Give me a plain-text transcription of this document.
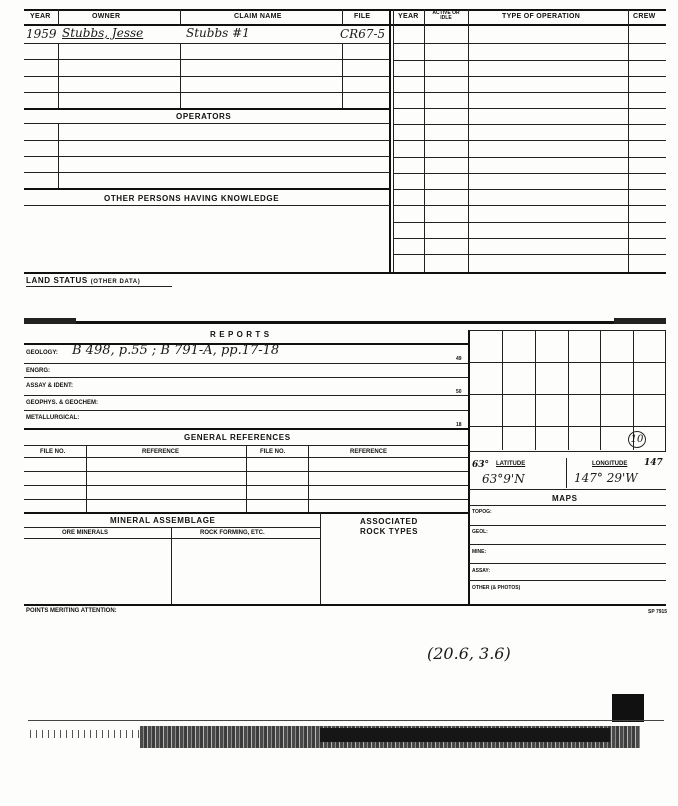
YEAR	OWNER	CLAIM NAME	FILE	YEAR	ACTIVE OR IDLE	TYPE OF OPERATION	CREW
1959 Stubbs, Jesse	Stubbs #1	CR67-5
OPERATORS
OTHER PERSONS HAVING KNOWLEDGE
LAND STATUS (OTHER DATA)
R E P O R T S
GEOLOGY: B 498, p.55 ; B 791-A, pp.17-18
49
ENGRG:
ASSAY & IDENT:
50
GEOPHYS. & GEOCHEM:
METALLURGICAL:
18
GENERAL REFERENCES
FILE NO.	REFERENCE	FILE NO.	REFERENCE
MINERAL ASSEMBLAGE	ASSOCIATED
ROCK TYPES
ORE MINERALS	ROCK FORMING, ETC.
10
63° LATITUDE	LONGITUDE 147
63°9'N	147° 29'W
MAPS
TOPOG:
GEOL:
MINE:
ASSAY:
OTHER (& PHOTOS)
POINTS MERITING ATTENTION:	SP 7915
(20.6, 3.6)
